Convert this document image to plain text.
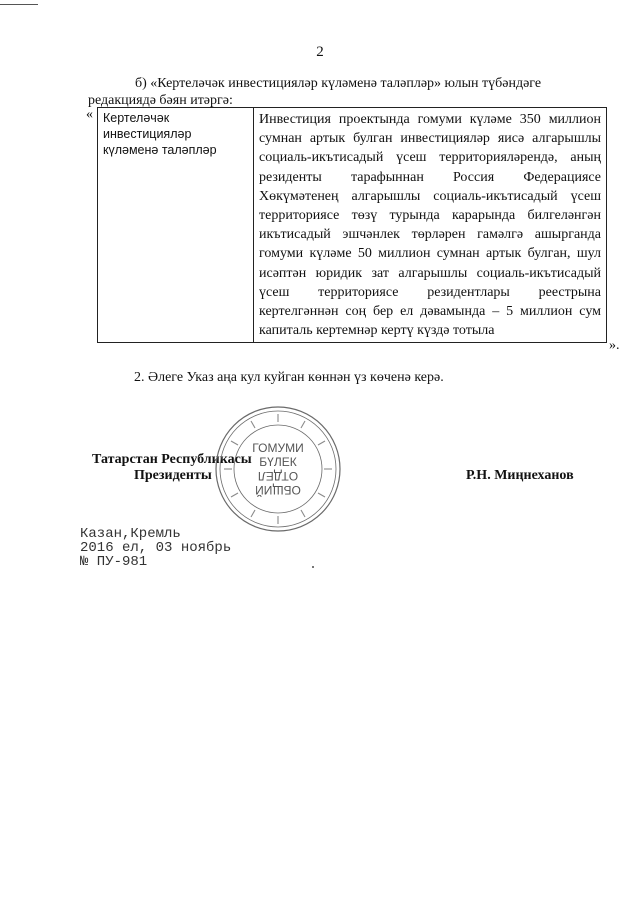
2
б) «Кертеләчәк инвестицияләр күләменә таләпләр» юлын түбәндәге
редакциядә бәян итәргә:
« Кертеләчәк инвестицияләр күләменә таләпләр	Инвестиция проектында гомуми күләме 350 миллион сумнан артык булган инвестицияләр яисә алгарышлы социаль-икътисадый үсеш территорияләрендә, аның резиденты тарафыннан Россия Федерациясе Хөкүмәтенең алгарышлы социаль-икътисадый үсеш территориясе төзү турында карарында билгеләнгән икътисадый эшчәнлек төрләрен гамәлгә ашырганда гомуми күләме 50 миллион сумнан артык булган, шул исәптән юридик зат алгарышлы социаль-икътисадый үсеш территориясе резидентлары реестрына кертелгәннән соң бер ел дәвамында – 5 миллион сум капиталь кертемнәр кертү күздә тотыла
».
2. Әлеге Указ аңа кул куйган көннән үз көченә керә.
Татарстан Республикасы
Президенты	Р.Н. Миңнеханов
ГОМУМИ
БҮЛЕК
ОБЩИЙ
ОТДЕЛ
Казан,Кремль
2016 ел, 03 ноябрь
№ ПУ-981
